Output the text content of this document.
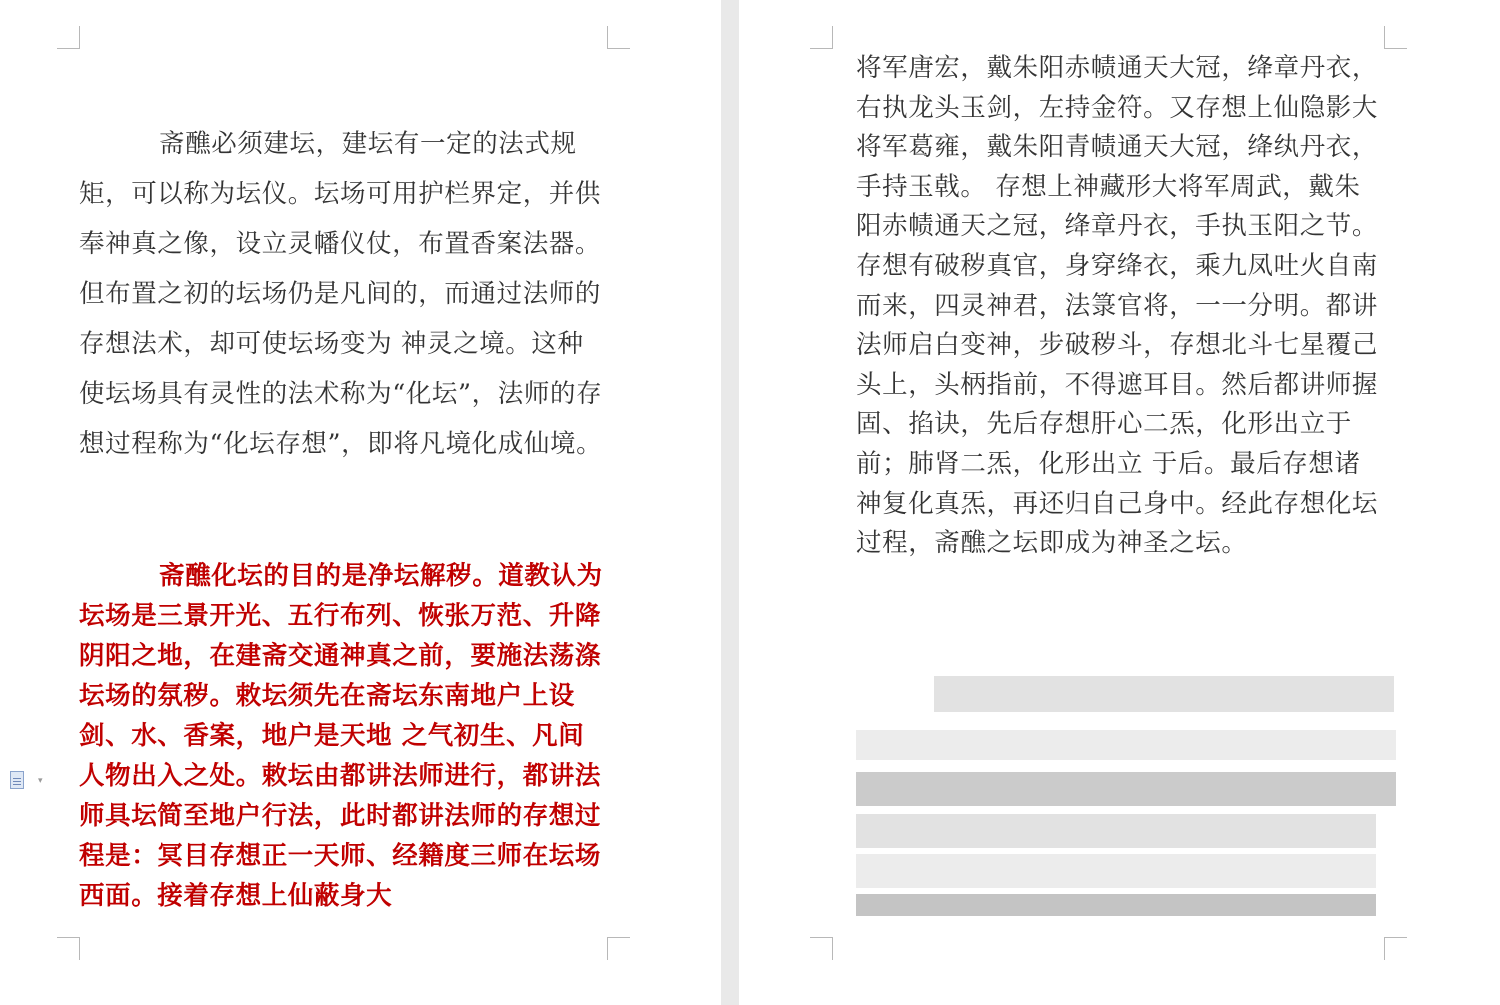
斋醮必须建坛，建坛有一定的法式规矩，可以称为坛仪。坛场可用护栏界定，并供奉神真之像，设立灵幡仪仗，布置香案法器。但布置之初的坛场仍是凡间的，而通过法师的存想法术，却可使坛场变为 神灵之境。这种使坛场具有灵性的法术称为“化坛”，法师的存想过程称为“化坛存想”，即将凡境化成仙境。

斋醮化坛的目的是净坛解秽。道教认为坛场是三景开光、五行布列、恢张万范、升降阴阳之地，在建斋交通神真之前，要施法荡涤坛场的氛秽。敕坛须先在斋坛东南地户上设剑、水、香案，地户是天地 之气初生、凡间人物出入之处。敕坛由都讲法师进行，都讲法师具坛简至地户行法，此时都讲法师的存想过程是：冥目存想正一天师、经籍度三师在坛场西面。接着存想上仙蔽身大

将军唐宏，戴朱阳赤帻通天大冠，绛章丹衣，右执龙头玉剑，左持金符。又存想上仙隐影大将军葛雍，戴朱阳青帻通天大冠，绛纨丹衣，手持玉戟。 存想上神藏形大将军周武，戴朱阳赤帻通天之冠，绛章丹衣，手执玉阳之节。存想有破秽真官，身穿绛衣，乘九凤吐火自南而来，四灵神君，法箓官将，一一分明。都讲法师启白变神，步破秽斗，存想北斗七星覆己头上，头柄指前，不得遮耳目。然后都讲师握固、掐诀，先后存想肝心二炁，化形出立于前；肺肾二炁，化形出立 于后。最后存想诸神复化真炁，再还归自己身中。经此存想化坛过程，斋醮之坛即成为神圣之坛。

▾
